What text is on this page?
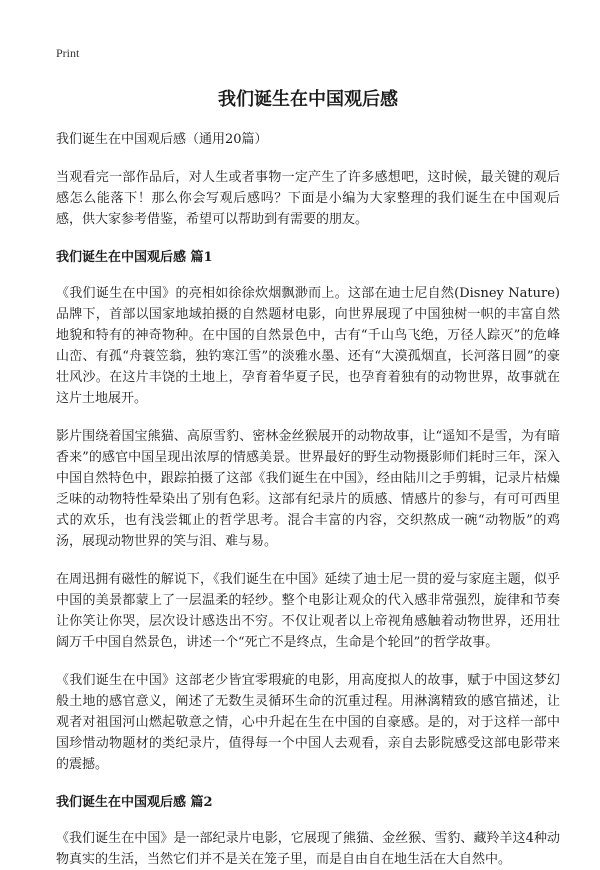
Print
我们诞生在中国观后感

我们诞生在中国观后感（通用20篇）

当观看完一部作品后，对人生或者事物一定产生了许多感想吧，这时候，最关键的观后感怎么能落下！那么你会写观后感吗？下面是小编为大家整理的我们诞生在中国观后感，供大家参考借鉴，希望可以帮助到有需要的朋友。

我们诞生在中国观后感 篇1

《我们诞生在中国》的亮相如徐徐炊烟飘渺而上。这部在迪士尼自然(Disney Nature)品牌下，首部以国家地域拍摄的自然题材电影，向世界展现了中国独树一帜的丰富自然地貌和特有的神奇物种。在中国的自然景色中，古有“千山鸟飞绝，万径人踪灭”的危峰山峦、有孤“舟蓑笠翁，独钓寒江雪”的淡雅水墨、还有“大漠孤烟直，长河落日圆”的豪壮风沙。在这片丰饶的土地上，孕育着华夏子民，也孕育着独有的动物世界，故事就在这片土地展开。

影片围绕着国宝熊猫、高原雪豹、密林金丝猴展开的动物故事，让“遥知不是雪，为有暗香来”的感官中国呈现出浓厚的情感美景。世界最好的野生动物摄影师们耗时三年，深入中国自然特色中，跟踪拍摄了这部《我们诞生在中国》，经由陆川之手剪辑，记录片枯燥乏味的动物特性晕染出了别有色彩。这部有纪录片的质感、情感片的参与，有可可西里式的欢乐，也有浅尝辄止的哲学思考。混合丰富的内容，交织熬成一碗“动物版”的鸡汤，展现动物世界的笑与泪、难与易。

在周迅拥有磁性的解说下，《我们诞生在中国》延续了迪士尼一贯的爱与家庭主题，似乎中国的美景都蒙上了一层温柔的轻纱。整个电影让观众的代入感非常强烈，旋律和节奏让你笑让你哭，层次设计感迭出不穷。不仅让观者以上帝视角感触着动物世界，还用壮阔万千中国自然景色，讲述一个“死亡不是终点，生命是个轮回”的哲学故事。

《我们诞生在中国》这部老少皆宜零瑕疵的电影，用高度拟人的故事，赋于中国这梦幻般土地的感官意义，阐述了无数生灵循环生命的沉重过程。用淋漓精致的感官描述，让观者对祖国河山燃起敬意之情，心中升起在生在中国的自豪感。是的，对于这样一部中国珍惜动物题材的类纪录片，值得每一个中国人去观看，亲自去影院感受这部电影带来的震撼。

我们诞生在中国观后感 篇2

《我们诞生在中国》是一部纪录片电影，它展现了熊猫、金丝猴、雪豹、藏羚羊这4种动物真实的生活，当然它们并不是关在笼子里，而是自由自在地生活在大自然中。
